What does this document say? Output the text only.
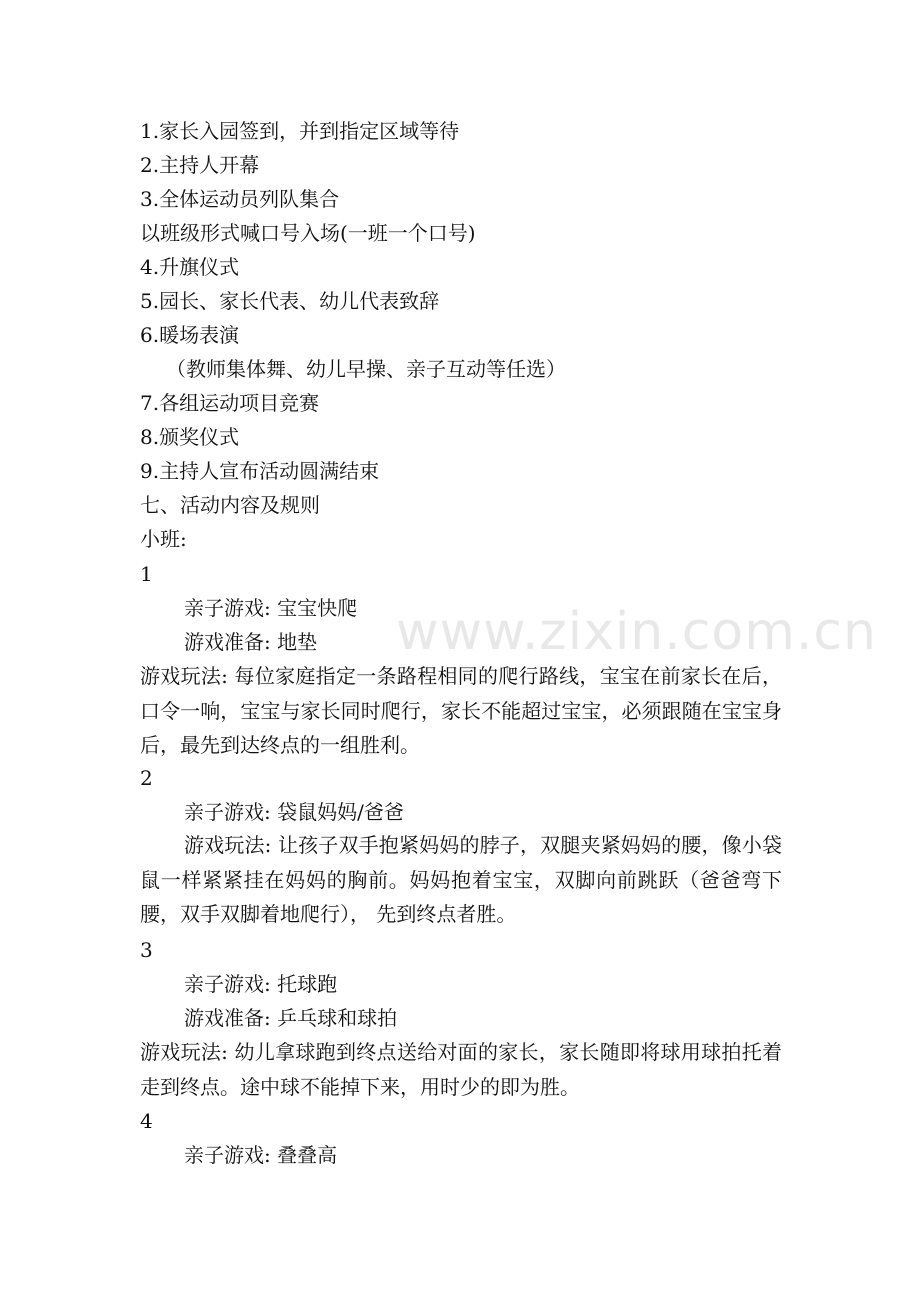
1.家长入园签到，并到指定区域等待
2.主持人开幕
3.全体运动员列队集合
以班级形式喊口号入场(一班一个口号)
4.升旗仪式
5.园长、家长代表、幼儿代表致辞
6.暖场表演
（教师集体舞、幼儿早操、亲子互动等任选）
7.各组运动项目竞赛
8.颁奖仪式
9.主持人宣布活动圆满结束
七、活动内容及规则
小班:
1
亲子游戏: 宝宝快爬
游戏准备: 地垫
游戏玩法: 每位家庭指定一条路程相同的爬行路线，宝宝在前家长在后，口令一响，宝宝与家长同时爬行，家长不能超过宝宝，必须跟随在宝宝身后，最先到达终点的一组胜利。
2
亲子游戏: 袋鼠妈妈/爸爸
游戏玩法: 让孩子双手抱紧妈妈的脖子，双腿夹紧妈妈的腰，像小袋鼠一样紧紧挂在妈妈的胸前。妈妈抱着宝宝，双脚向前跳跃（爸爸弯下腰，双手双脚着地爬行）， 先到终点者胜。
3
亲子游戏: 托球跑
游戏准备: 乒乓球和球拍
游戏玩法: 幼儿拿球跑到终点送给对面的家长，家长随即将球用球拍托着走到终点。途中球不能掉下来，用时少的即为胜。
4
亲子游戏: 叠叠高
www.zixin.com.cn
